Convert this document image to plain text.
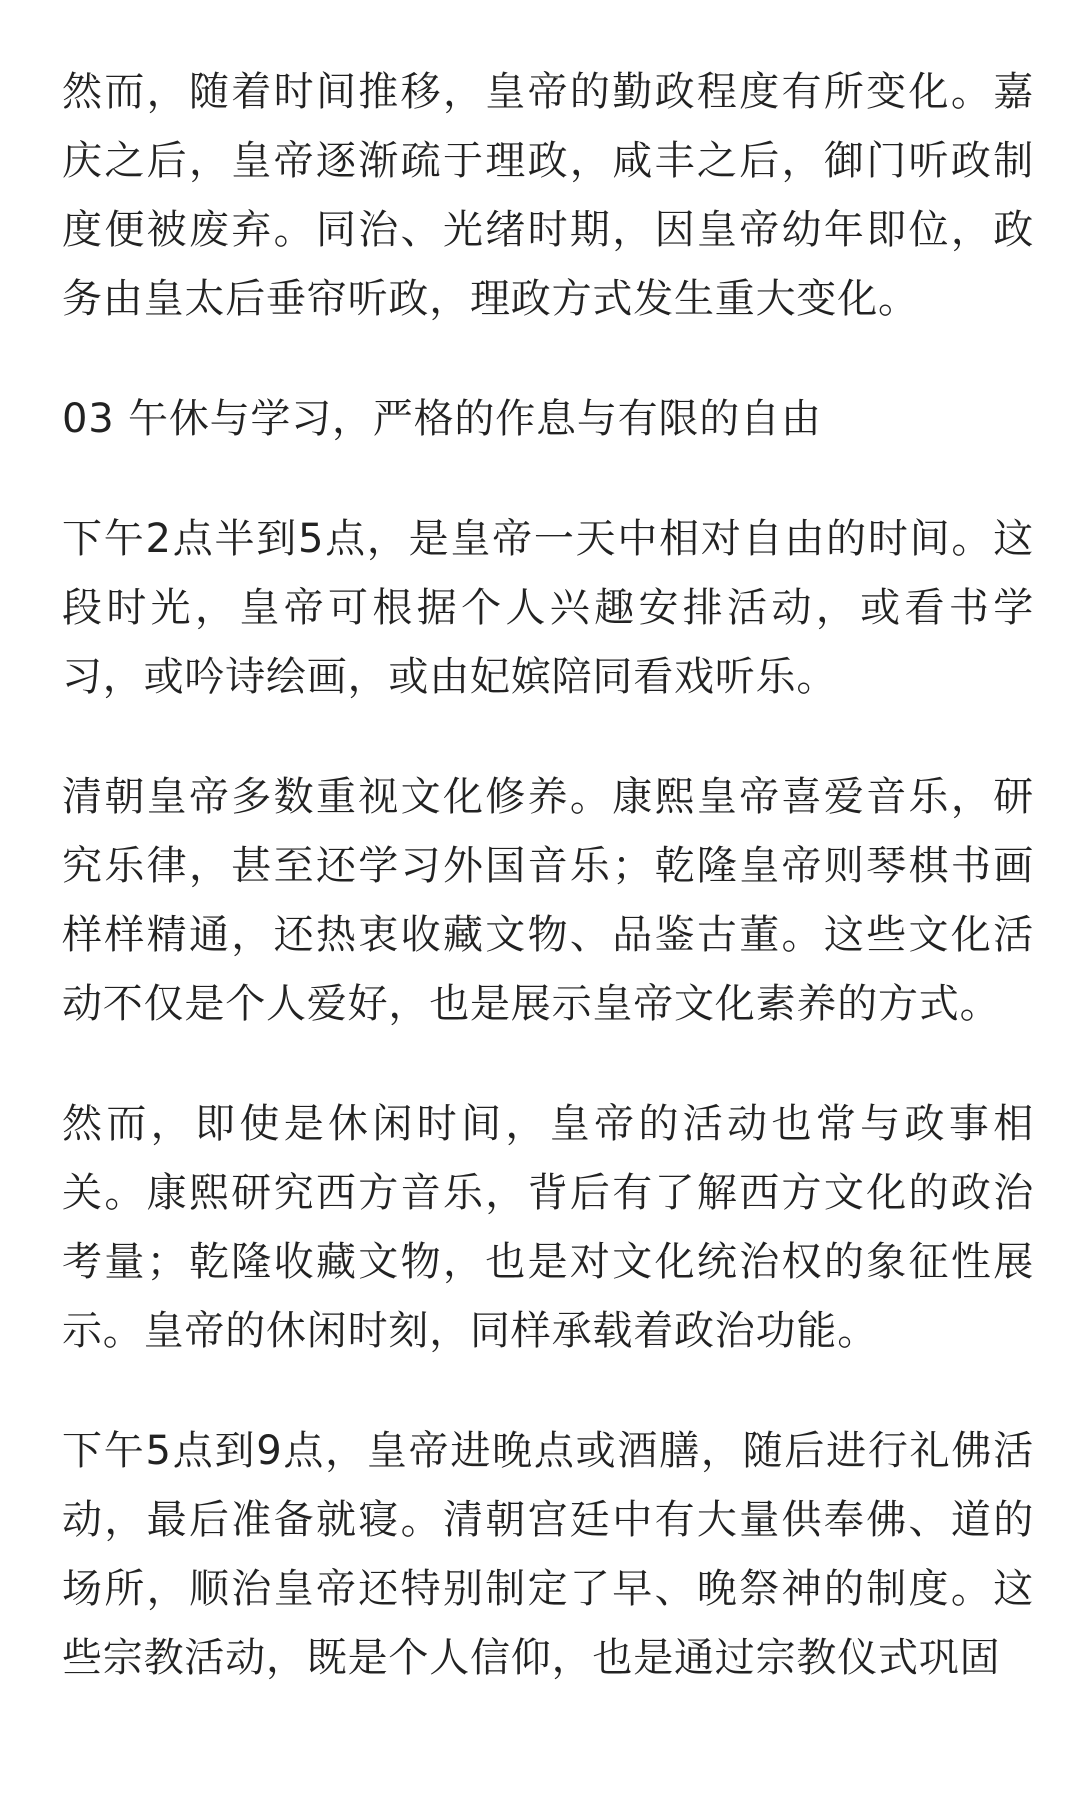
然而，随着时间推移，皇帝的勤政程度有所变化。嘉庆之后，皇帝逐渐疏于理政，咸丰之后，御门听政制度便被废弃。同治、光绪时期，因皇帝幼年即位，政务由皇太后垂帘听政，理政方式发生重大变化。

03 午休与学习，严格的作息与有限的自由

下午2点半到5点，是皇帝一天中相对自由的时间。这段时光，皇帝可根据个人兴趣安排活动，或看书学习，或吟诗绘画，或由妃嫔陪同看戏听乐。

清朝皇帝多数重视文化修养。康熙皇帝喜爱音乐，研究乐律，甚至还学习外国音乐；乾隆皇帝则琴棋书画样样精通，还热衷收藏文物、品鉴古董。这些文化活动不仅是个人爱好，也是展示皇帝文化素养的方式。

然而，即使是休闲时间，皇帝的活动也常与政事相关。康熙研究西方音乐，背后有了解西方文化的政治考量；乾隆收藏文物，也是对文化统治权的象征性展示。皇帝的休闲时刻，同样承载着政治功能。

下午5点到9点，皇帝进晚点或酒膳，随后进行礼佛活动，最后准备就寝。清朝宫廷中有大量供奉佛、道的场所，顺治皇帝还特别制定了早、晚祭神的制度。这些宗教活动，既是个人信仰，也是通过宗教仪式巩固
